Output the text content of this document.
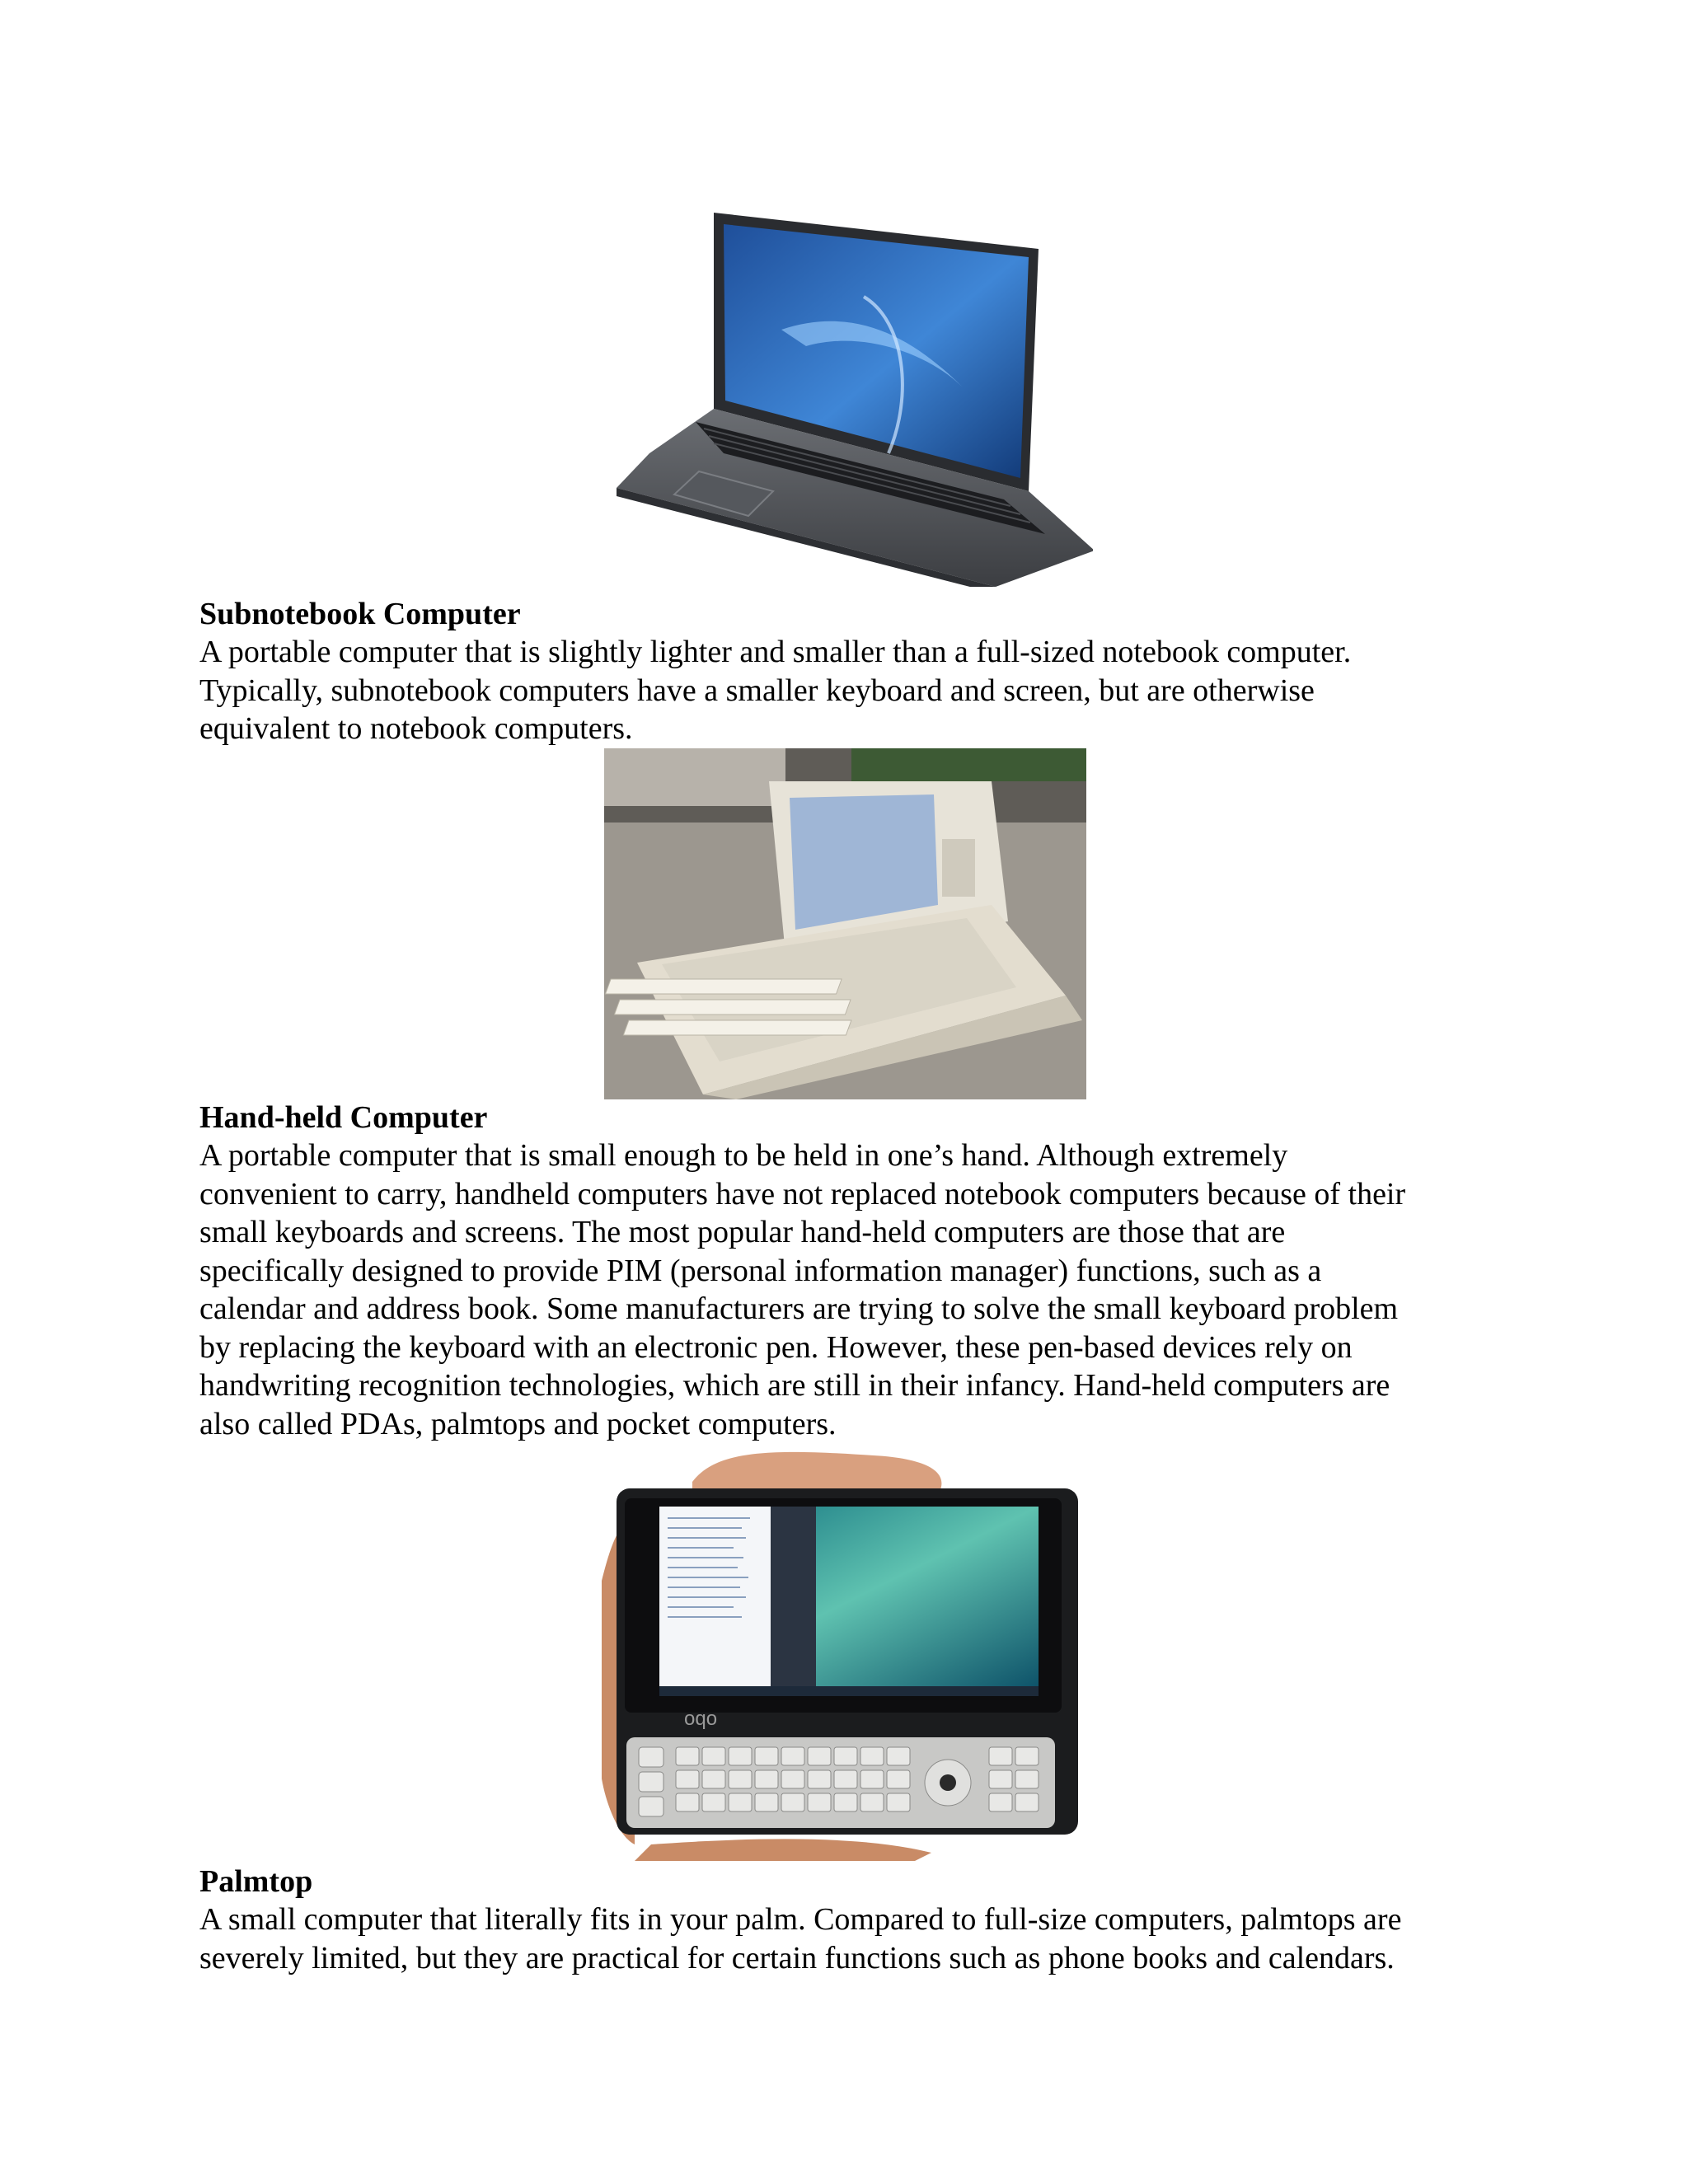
Subnotebook Computer

A portable computer that is slightly lighter and smaller than a full-sized notebook computer.

Typically, subnotebook computers have a smaller keyboard and screen, but are otherwise

equivalent to notebook computers.

Hand-held Computer

A portable computer that is small enough to be held in one’s hand. Although extremely

convenient to carry, handheld computers have not replaced notebook computers because of their

small keyboards and screens. The most popular hand-held computers are those that are

specifically designed to provide PIM (personal information manager) functions, such as a

calendar and address book. Some manufacturers are trying to solve the small keyboard problem

by replacing the keyboard with an electronic pen. However, these pen-based devices rely on

handwriting recognition technologies, which are still in their infancy. Hand-held computers are

also called PDAs, palmtops and pocket computers.

oqo

Palmtop

A small computer that literally fits in your palm. Compared to full-size computers, palmtops are

severely limited, but they are practical for certain functions such as phone books and calendars.
